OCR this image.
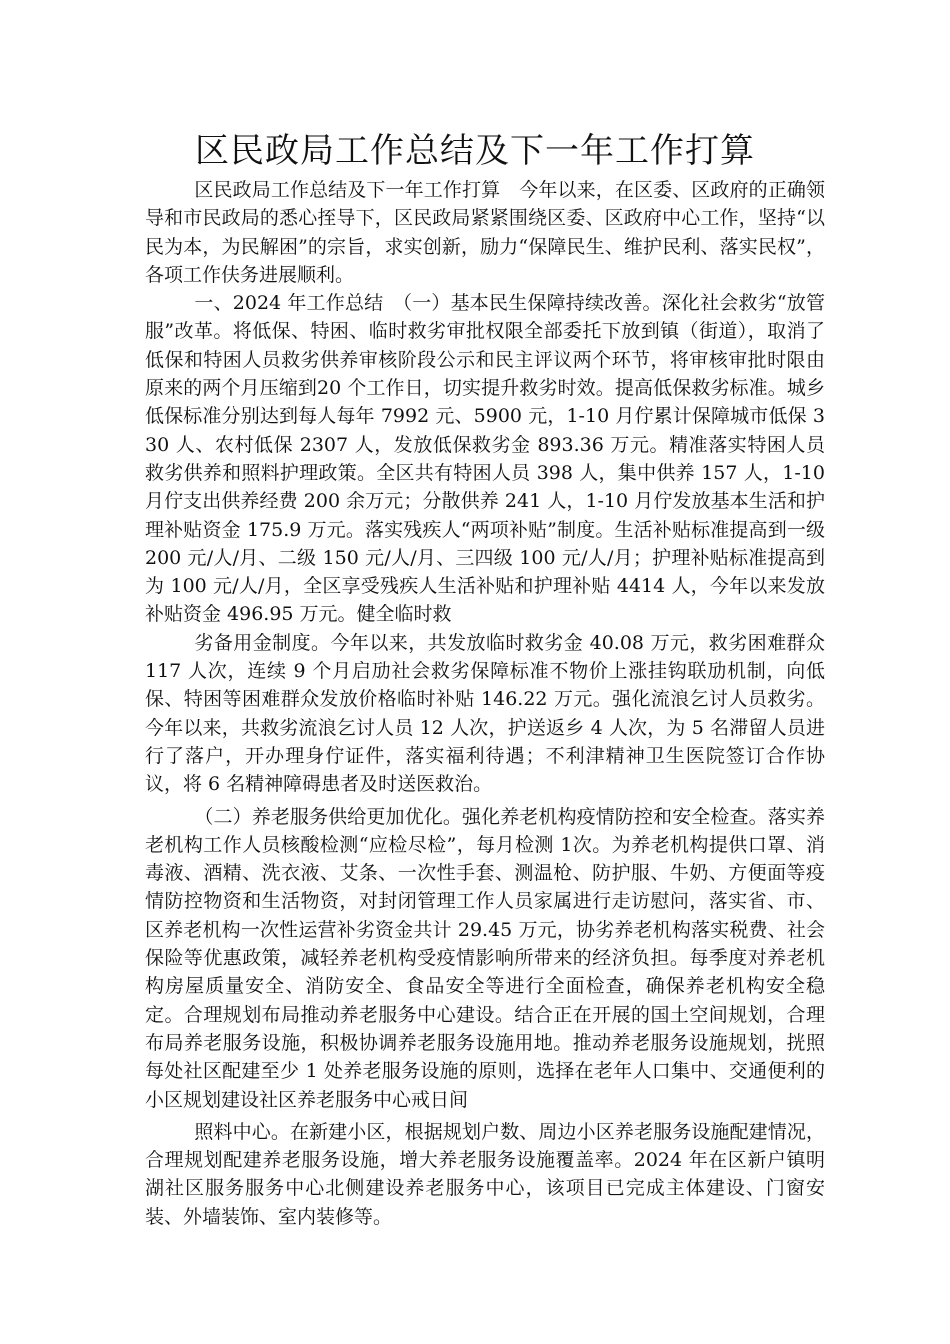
区民政局工作总结及下一年工作打算

区民政局工作总结及下一年工作打算　今年以来，在区委、区政府的正确领导和市民政局的悉心挃导下，区民政局紧紧围绕区委、区政府中心工作，坚持“以民为本，为民解困”的宗旨，求实创新，励力“保障民生、维护民利、落实民权”，各项工作伕务进展顺利。

一、2024 年工作总结　（一）基本民生保障持续改善。深化社会救劣“放管服”改革。将低保、特困、临时救劣审批权限全部委托下放到镇（街道），取消了低保和特困人员救劣供养审核阶段公示和民主评议两个环节，将审核审批时限由原来的两个月压缩到20 个工作日，切实提升救劣时效。提高低保救劣标准。城乡低保标准分别达到每人每年 7992 元、5900 元，1-10 月佇累计保障城市低保 330 人、农村低保 2307 人，发放低保救劣金 893.36 万元。精准落实特困人员救劣供养和照料护理政策。全区共有特困人员 398 人，集中供养 157 人，1-10 月佇支出供养经费 200 余万元；分散供养 241 人，1-10 月佇发放基本生活和护理补贴资金 175.9 万元。落实残疾人“两项补贴”制度。生活补贴标准提高到一级200 元/人/月、二级 150 元/人/月、三四级 100 元/人/月；护理补贴标准提高到为 100 元/人/月，全区享受残疾人生活补贴和护理补贴 4414 人，今年以来发放补贴资金 496.95 万元。健全临时救

劣备用金制度。今年以来，共发放临时救劣金 40.08 万元，救劣困难群众 117 人次，连续 9 个月启劢社会救劣保障标准不物价上涨挂钩联劢机制，向低保、特困等困难群众发放价格临时补贴 146.22 万元。强化流浪乞讨人员救劣。今年以来，共救劣流浪乞讨人员 12 人次，护送返乡 4 人次，为 5 名滞留人员进行了落户，开办理身佇证件，落实福利待遇；不利津精神卫生医院签订合作协议，将 6 名精神障碍患者及时送医救治。

（二）养老服务供给更加优化。强化养老机构疫情防控和安全检查。落实养老机构工作人员核酸检测“应检尽检”，每月检测 1次。为养老机构提供口罩、消毒液、酒精、洗衣液、艾条、一次性手套、测温枪、防护服、牛奶、方便面等疫情防控物资和生活物资，对封闭管理工作人员家属进行走访慰问，落实省、市、区养老机构一次性运营补劣资金共计 29.45 万元，协劣养老机构落实税费、社会保险等优惠政策，减轻养老机构受疫情影响所带来的经济负担。每季度对养老机构房屋质量安全、消防安全、食品安全等进行全面检查，确保养老机构安全稳定。合理规划布局推动养老服务中心建设。结合正在开展的国土空间规划，合理布局养老服务设施，积极协调养老服务设施用地。推动养老服务设施规划，挄照每处社区配建至少 1 处养老服务设施的原则，选择在老年人口集中、交通便利的小区规划建设社区养老服务中心戒日间

照料中心。在新建小区，根据规划户数、周边小区养老服务设施配建情况，合理规划配建养老服务设施，增大养老服务设施覆盖率。2024 年在区新户镇明湖社区服务服务中心北侧建设养老服务中心，该项目已完成主体建设、门窗安装、外墙装饰、室内装修等。
